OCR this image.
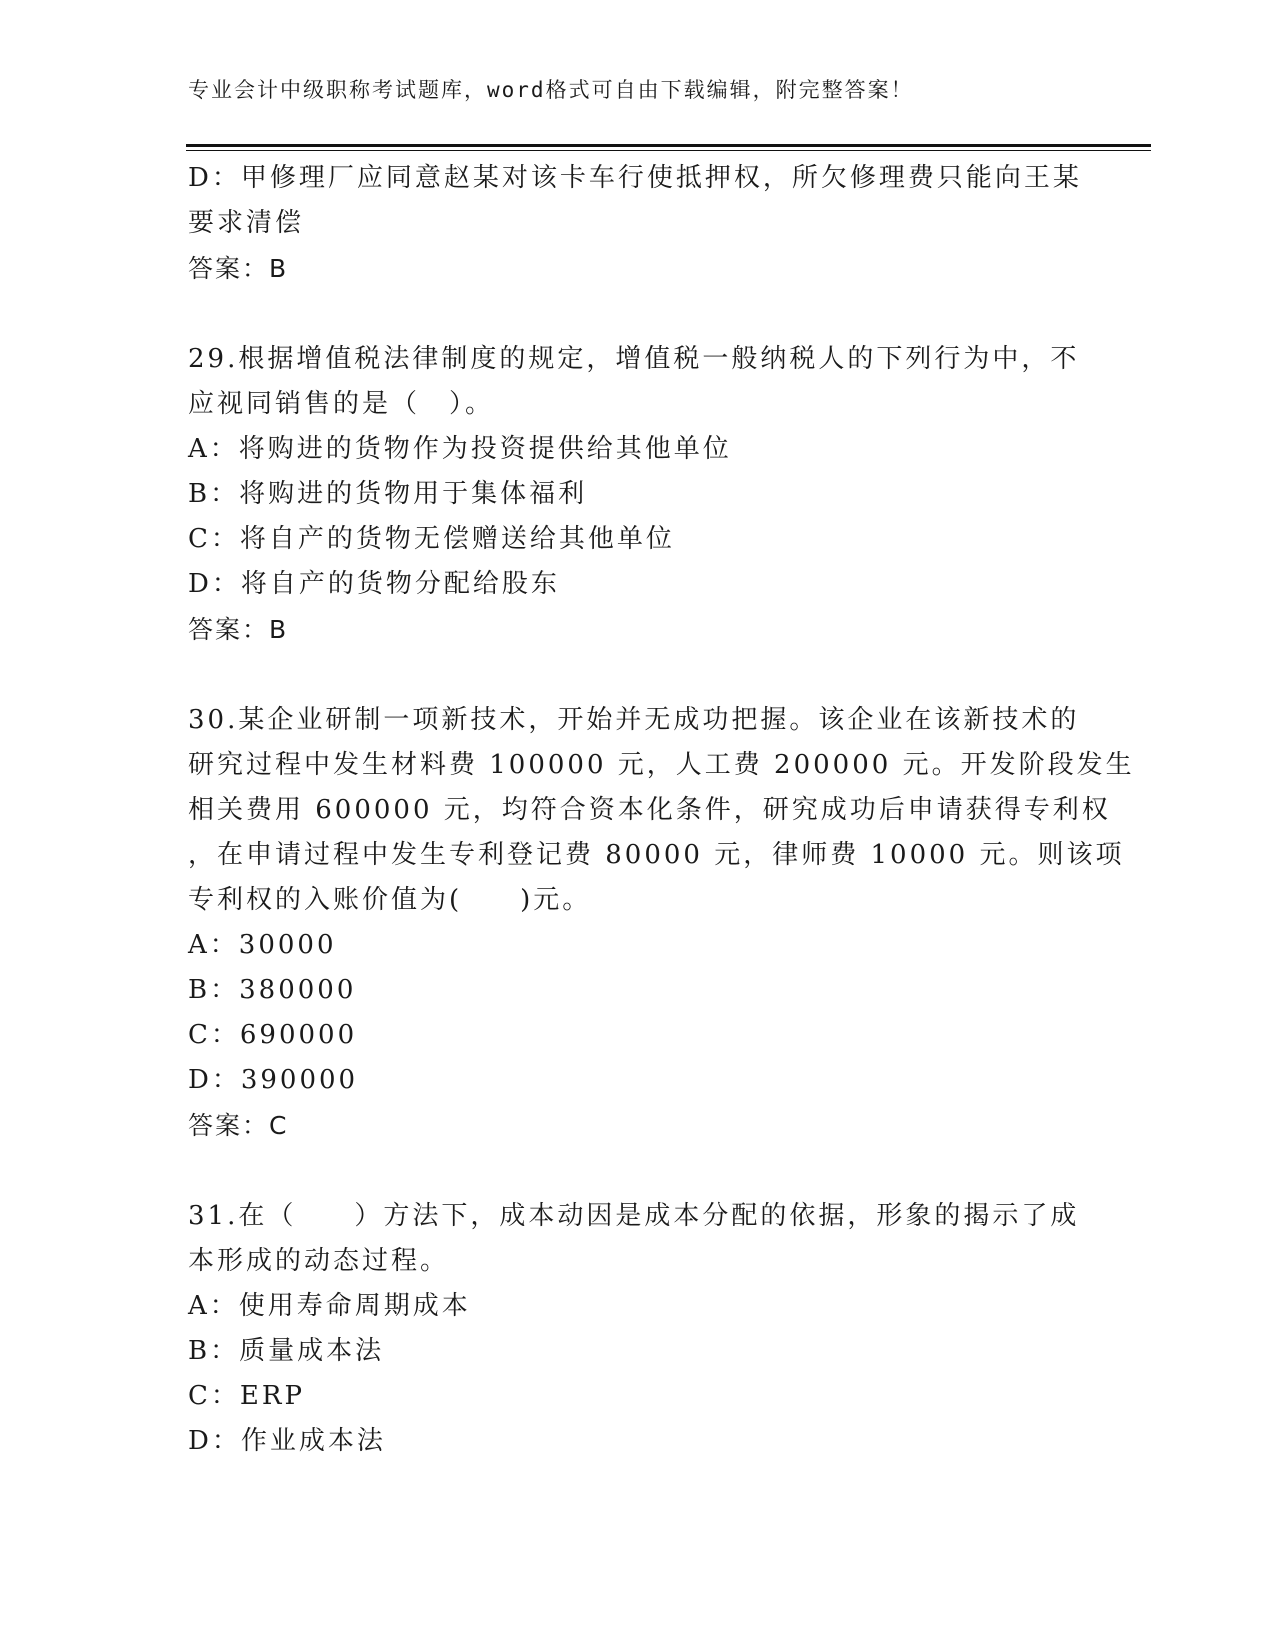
专业会计中级职称考试题库，word格式可自由下载编辑，附完整答案！
D：甲修理厂应同意赵某对该卡车行使抵押权，所欠修理费只能向王某
要求清偿
答案：B
29.根据增值税法律制度的规定，增值税一般纳税人的下列行为中，不
应视同销售的是（　）。
A：将购进的货物作为投资提供给其他单位
B：将购进的货物用于集体福利
C：将自产的货物无偿赠送给其他单位
D：将自产的货物分配给股东
答案：B
30.某企业研制一项新技术，开始并无成功把握。该企业在该新技术的
研究过程中发生材料费 100000 元，人工费 200000 元。开发阶段发生
相关费用 600000 元，均符合资本化条件，研究成功后申请获得专利权
，在申请过程中发生专利登记费 80000 元，律师费 10000 元。则该项
专利权的入账价值为(　　)元。
A：30000
B：380000
C：690000
D：390000
答案：C
31.在（　　）方法下，成本动因是成本分配的依据，形象的揭示了成
本形成的动态过程。
A：使用寿命周期成本
B：质量成本法
C：ERP
D：作业成本法
